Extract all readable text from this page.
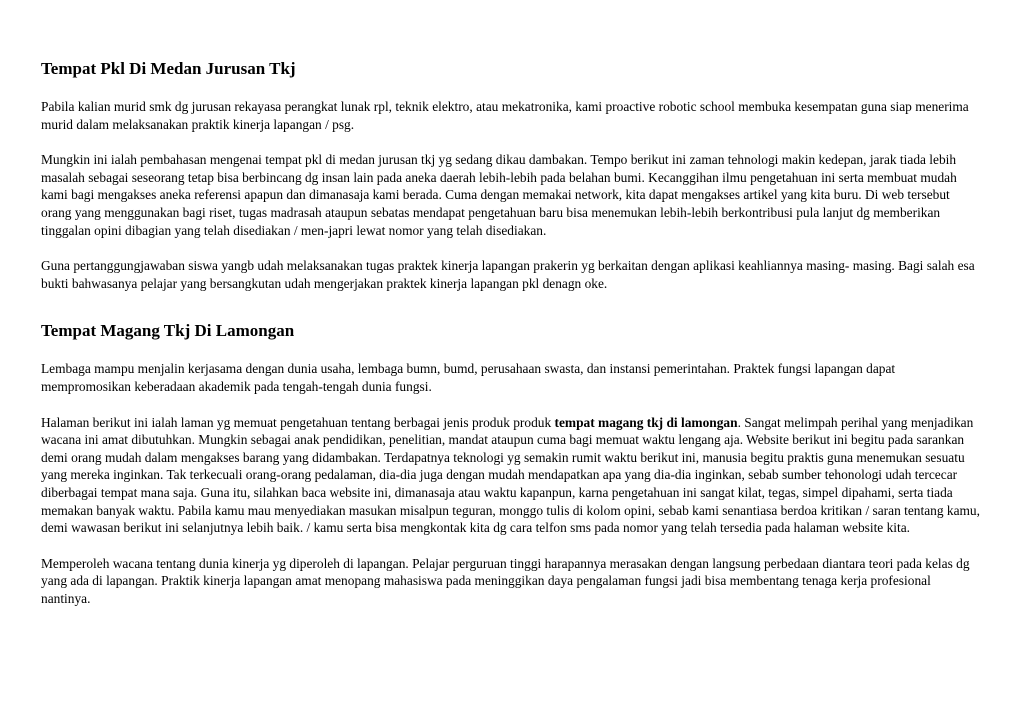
Tempat Pkl Di Medan Jurusan Tkj

Pabila kalian murid smk dg jurusan rekayasa perangkat lunak rpl, teknik elektro, atau mekatronika, kami proactive robotic school membuka kesempatan guna siap menerima murid dalam melaksanakan praktik kinerja lapangan / psg.

Mungkin ini ialah pembahasan mengenai tempat pkl di medan jurusan tkj yg sedang dikau dambakan. Tempo berikut ini zaman tehnologi makin kedepan, jarak tiada lebih masalah sebagai seseorang tetap bisa berbincang dg insan lain pada aneka daerah lebih-lebih pada belahan bumi. Kecanggihan ilmu pengetahuan ini serta membuat mudah kami bagi mengakses aneka referensi apapun dan dimanasaja kami berada. Cuma dengan memakai network, kita dapat mengakses artikel yang kita buru. Di web tersebut orang yang menggunakan bagi riset, tugas madrasah ataupun sebatas mendapat pengetahuan baru bisa menemukan lebih-lebih berkontribusi pula lanjut dg memberikan tinggalan opini dibagian yang telah disediakan / men-japri lewat nomor yang telah disediakan.

Guna pertanggungjawaban siswa yangb udah melaksanakan tugas praktek kinerja lapangan prakerin yg berkaitan dengan aplikasi keahliannya masing- masing. Bagi salah esa bukti bahwasanya pelajar yang bersangkutan udah mengerjakan praktek kinerja lapangan pkl denagn oke.

Tempat Magang Tkj Di Lamongan

Lembaga mampu menjalin kerjasama dengan dunia usaha, lembaga bumn, bumd, perusahaan swasta, dan instansi pemerintahan. Praktek fungsi lapangan dapat mempromosikan keberadaan akademik pada tengah-tengah dunia fungsi.

Halaman berikut ini ialah laman yg memuat pengetahuan tentang berbagai jenis produk produk tempat magang tkj di lamongan. Sangat melimpah perihal yang menjadikan wacana ini amat dibutuhkan. Mungkin sebagai anak pendidikan, penelitian, mandat ataupun cuma bagi memuat waktu lengang aja. Website berikut ini begitu pada sarankan demi orang mudah dalam mengakses barang yang didambakan. Terdapatnya teknologi yg semakin rumit waktu berikut ini, manusia begitu praktis guna menemukan sesuatu yang mereka inginkan. Tak terkecuali orang-orang pedalaman, dia-dia juga dengan mudah mendapatkan apa yang dia-dia inginkan, sebab sumber tehonologi udah tercecar diberbagai tempat mana saja. Guna itu, silahkan baca website ini, dimanasaja atau waktu kapanpun, karna pengetahuan ini sangat kilat, tegas, simpel dipahami, serta tiada memakan banyak waktu. Pabila kamu mau menyediakan masukan misalpun teguran, monggo tulis di kolom opini, sebab kami senantiasa berdoa kritikan / saran tentang kamu, demi wawasan berikut ini selanjutnya lebih baik. / kamu serta bisa mengkontak kita dg cara telfon sms pada nomor yang telah tersedia pada halaman website kita.

Memperoleh wacana tentang dunia kinerja yg diperoleh di lapangan. Pelajar perguruan tinggi harapannya merasakan dengan langsung perbedaan diantara teori pada kelas dg yang ada di lapangan. Praktik kinerja lapangan amat menopang mahasiswa pada meninggikan daya pengalaman fungsi jadi bisa membentang tenaga kerja profesional nantinya.
